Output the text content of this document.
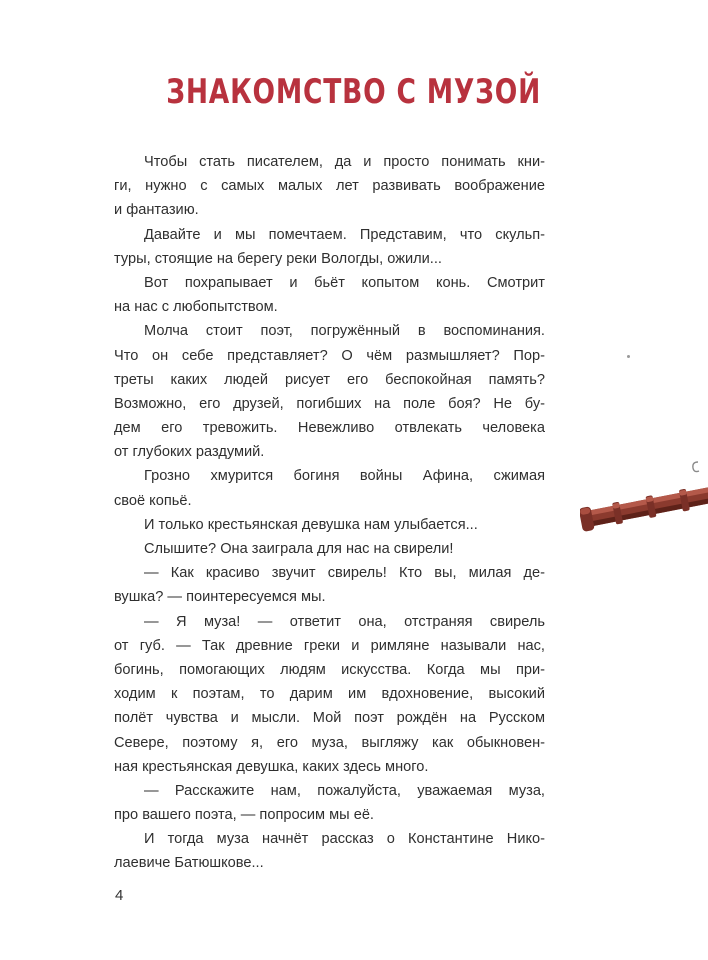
ЗНАКОМСТВО С МУЗОЙ
Чтобы стать писателем, да и просто понимать кни-
ги, нужно с самых малых лет развивать воображение
и фантазию.
Давайте и мы помечтаем. Представим, что скульп-
туры, стоящие на берегу реки Вологды, ожили...
Вот похрапывает и бьёт копытом конь. Смотрит
на нас с любопытством.
Молча стоит поэт, погружённый в воспоминания.
Что он себе представляет? О чём размышляет? Пор-
треты каких людей рисует его беспокойная память?
Возможно, его друзей, погибших на поле боя? Не бу-
дем его тревожить. Невежливо отвлекать человека
от глубоких раздумий.
Грозно хмурится богиня войны Афина, сжимая
своё копьё.
И только крестьянская девушка нам улыбается...
Слышите? Она заиграла для нас на свирели!
— Как красиво звучит свирель! Кто вы, милая де-
вушка? — поинтересуемся мы.
— Я муза! — ответит она, отстраняя свирель
от губ. — Так древние греки и римляне называли нас,
богинь, помогающих людям искусства. Когда мы при-
ходим к поэтам, то дарим им вдохновение, высокий
полёт чувства и мысли. Мой поэт рождён на Русском
Севере, поэтому я, его муза, выгляжу как обыкновен-
ная крестьянская девушка, каких здесь много.
— Расскажите нам, пожалуйста, уважаемая муза,
про вашего поэта, — попросим мы её.
И тогда муза начнёт рассказ о Константине Нико-
лаевиче Батюшкове...
4
